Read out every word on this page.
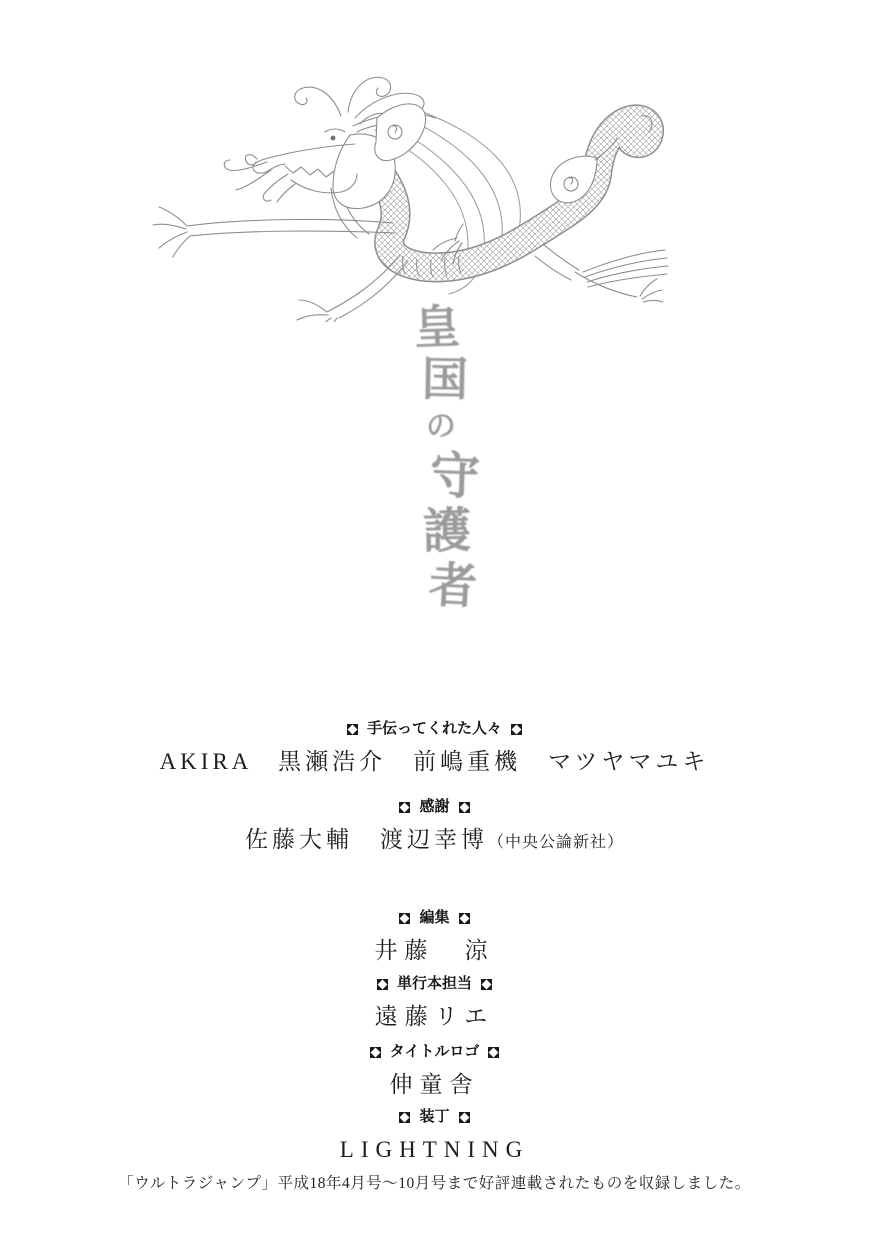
皇
国
の
守
護
者
手伝ってくれた人々
AKIRA　黒瀬浩介　前嶋重機　マツヤマユキ
感謝
佐藤大輔　渡辺幸博（中央公論新社）
編集
井藤　涼
単行本担当
遠藤リエ
タイトルロゴ
伸童舎
装丁
LIGHTNING
「ウルトラジャンプ」平成18年4月号〜10月号まで好評連載されたものを収録しました。
